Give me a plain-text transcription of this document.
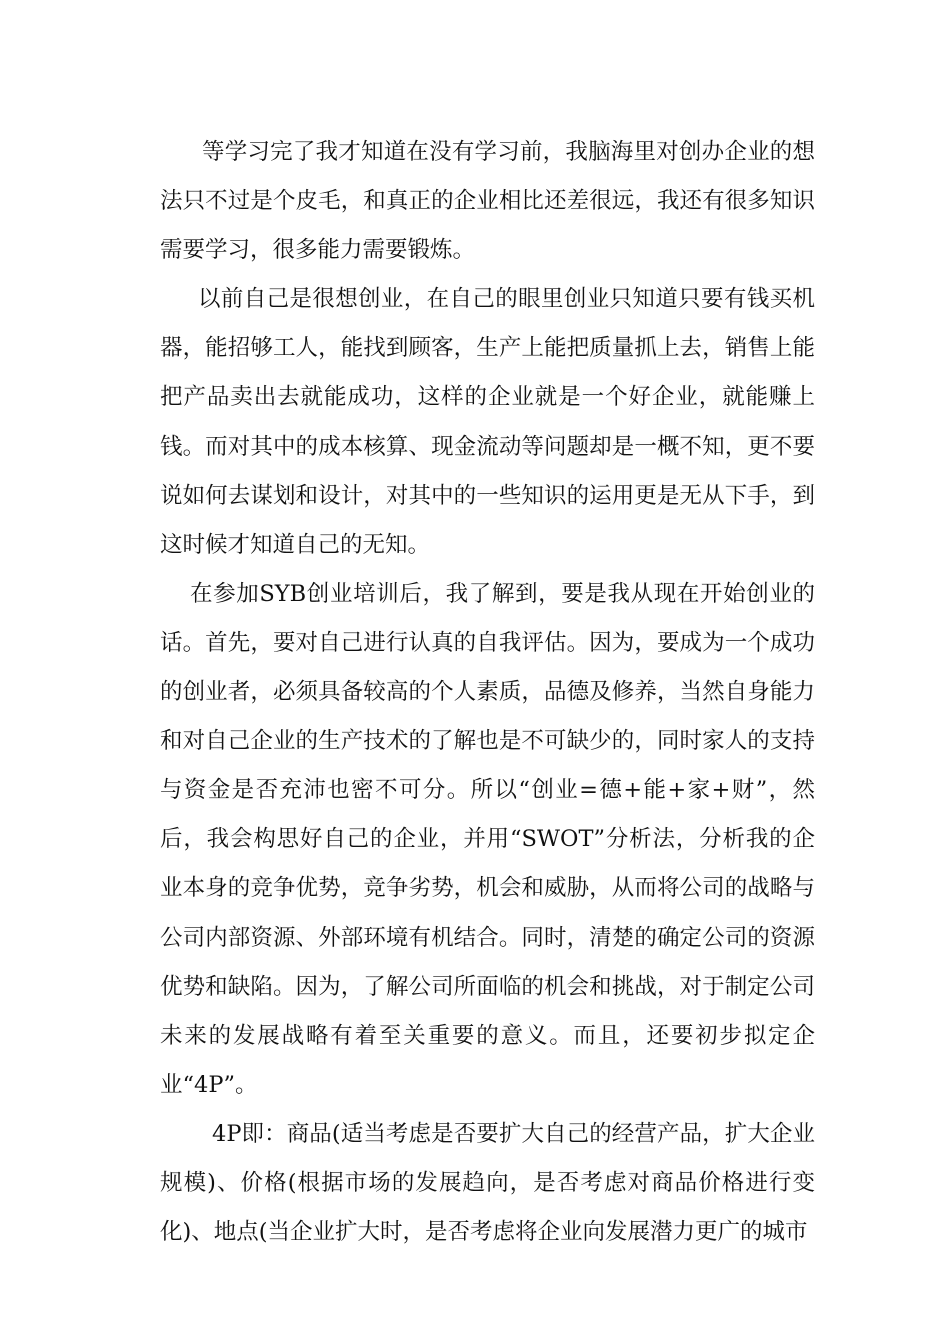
等学习完了我才知道在没有学习前，我脑海里对创办企业的想法只不过是个皮毛，和真正的企业相比还差很远，我还有很多知识需要学习，很多能力需要锻炼。

以前自己是很想创业，在自己的眼里创业只知道只要有钱买机器，能招够工人，能找到顾客，生产上能把质量抓上去，销售上能把产品卖出去就能成功，这样的企业就是一个好企业，就能赚上钱。而对其中的成本核算、现金流动等问题却是一概不知，更不要说如何去谋划和设计，对其中的一些知识的运用更是无从下手，到这时候才知道自己的无知。

在参加SYB创业培训后，我了解到，要是我从现在开始创业的话。首先，要对自己进行认真的自我评估。因为，要成为一个成功的创业者，必须具备较高的个人素质，品德及修养，当然自身能力和对自己企业的生产技术的了解也是不可缺少的，同时家人的支持与资金是否充沛也密不可分。所以“创业=德+能+家+财”，然后，我会构思好自己的企业，并用“SWOT”分析法，分析我的企业本身的竞争优势，竞争劣势，机会和威胁，从而将公司的战略与公司内部资源、外部环境有机结合。同时，清楚的确定公司的资源优势和缺陷。因为，了解公司所面临的机会和挑战，对于制定公司未来的发展战略有着至关重要的意义。而且，还要初步拟定企业“4P”。

4P即：商品(适当考虑是否要扩大自己的经营产品，扩大企业规模)、价格(根据市场的发展趋向，是否考虑对商品价格进行变化)、地点(当企业扩大时，是否考虑将企业向发展潜力更广的城市
